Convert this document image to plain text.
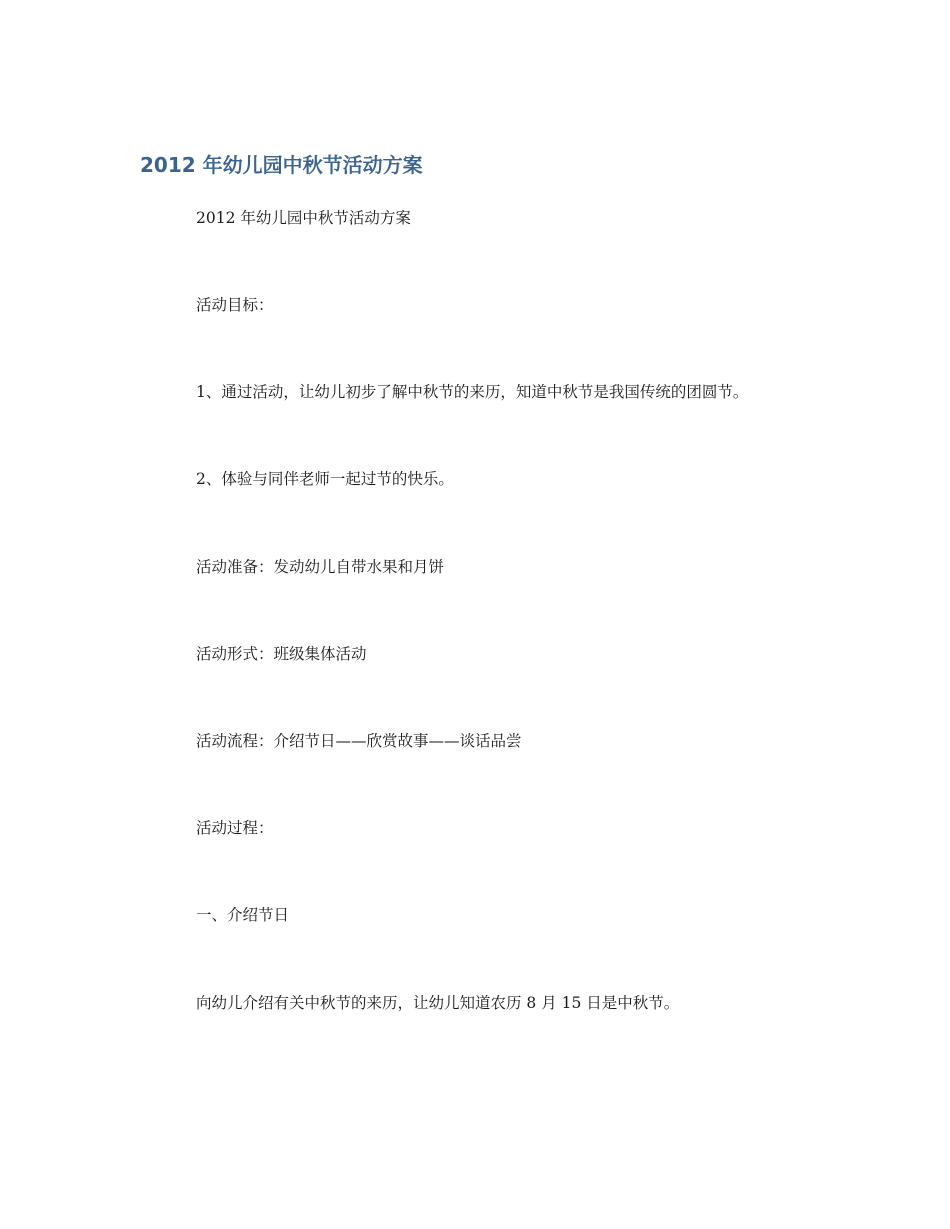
2012 年幼儿园中秋节活动方案

2012 年幼儿园中秋节活动方案

活动目标：

1、通过活动，让幼儿初步了解中秋节的来历，知道中秋节是我国传统的团圆节。

2、体验与同伴老师一起过节的快乐。

活动准备：发动幼儿自带水果和月饼

活动形式：班级集体活动

活动流程：介绍节日——欣赏故事——谈话品尝

活动过程：

一、介绍节日

向幼儿介绍有关中秋节的来历，让幼儿知道农历 8 月 15 日是中秋节。
